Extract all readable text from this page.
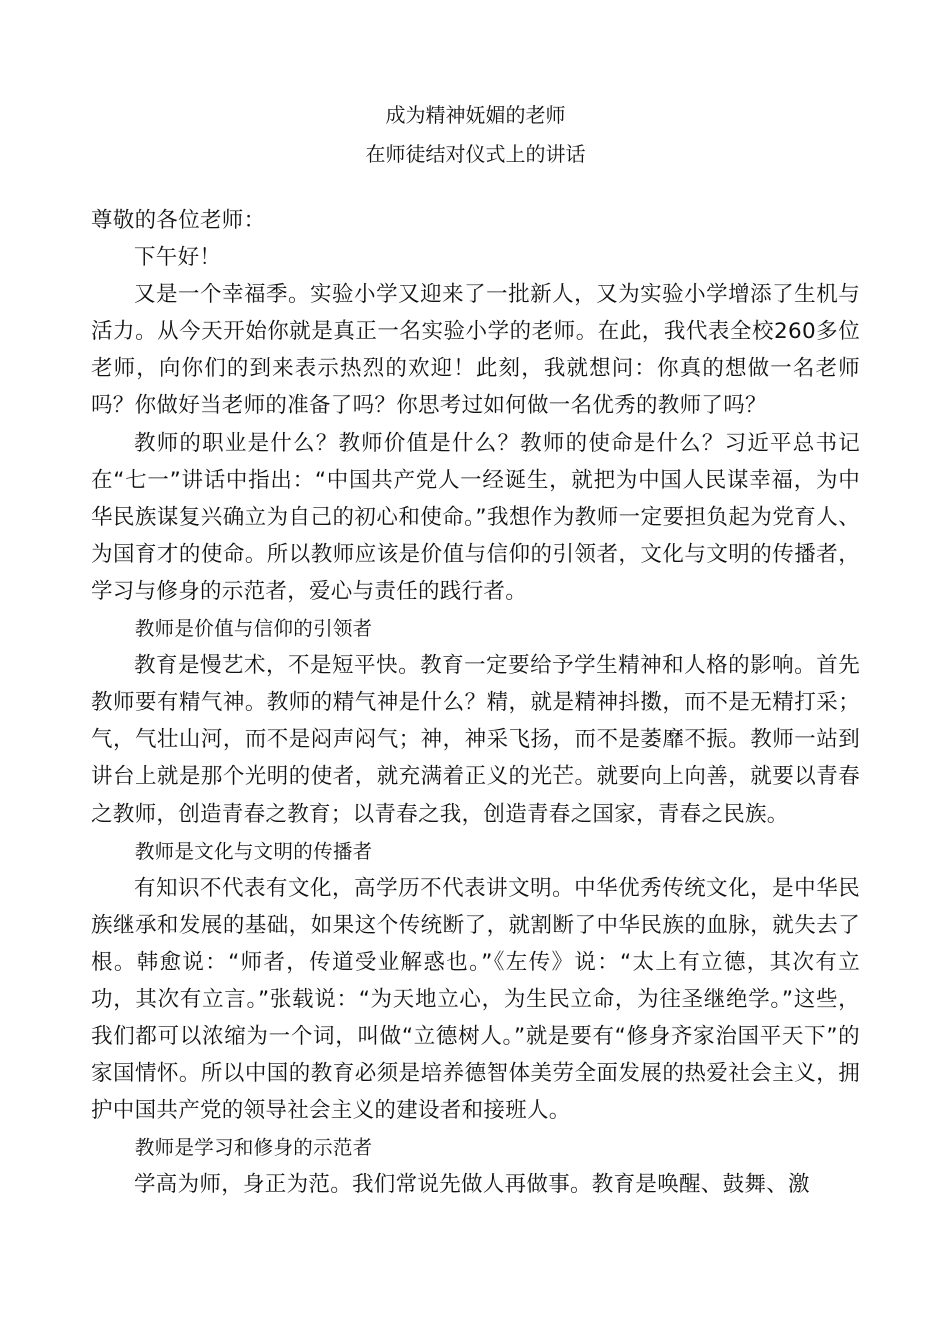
成为精神妩媚的老师
在师徒结对仪式上的讲话

尊敬的各位老师：

下午好！

又是一个幸福季。实验小学又迎来了一批新人，又为实验小学增添了生机与活力。从今天开始你就是真正一名实验小学的老师。在此，我代表全校260多位老师，向你们的到来表示热烈的欢迎！此刻，我就想问：你真的想做一名老师吗？你做好当老师的准备了吗？你思考过如何做一名优秀的教师了吗？

教师的职业是什么？教师价值是什么？教师的使命是什么？习近平总书记在“七一”讲话中指出：“中国共产党人一经诞生，就把为中国人民谋幸福，为中华民族谋复兴确立为自己的初心和使命。”我想作为教师一定要担负起为党育人、为国育才的使命。所以教师应该是价值与信仰的引领者，文化与文明的传播者，学习与修身的示范者，爱心与责任的践行者。

教师是价值与信仰的引领者

教育是慢艺术，不是短平快。教育一定要给予学生精神和人格的影响。首先教师要有精气神。教师的精气神是什么？精，就是精神抖擞，而不是无精打采；气，气壮山河，而不是闷声闷气；神，神采飞扬，而不是萎靡不振。教师一站到讲台上就是那个光明的使者，就充满着正义的光芒。就要向上向善，就要以青春之教师，创造青春之教育；以青春之我，创造青春之国家，青春之民族。

教师是文化与文明的传播者

有知识不代表有文化，高学历不代表讲文明。中华优秀传统文化，是中华民族继承和发展的基础，如果这个传统断了，就割断了中华民族的血脉，就失去了根。韩愈说：“师者，传道受业解惑也。”《左传》说：“太上有立德，其次有立功，其次有立言。”张载说：“为天地立心，为生民立命，为往圣继绝学。”这些，我们都可以浓缩为一个词，叫做“立德树人。”就是要有“修身齐家治国平天下”的家国情怀。所以中国的教育必须是培养德智体美劳全面发展的热爱社会主义，拥护中国共产党的领导社会主义的建设者和接班人。

教师是学习和修身的示范者

学高为师，身正为范。我们常说先做人再做事。教育是唤醒、鼓舞、激
